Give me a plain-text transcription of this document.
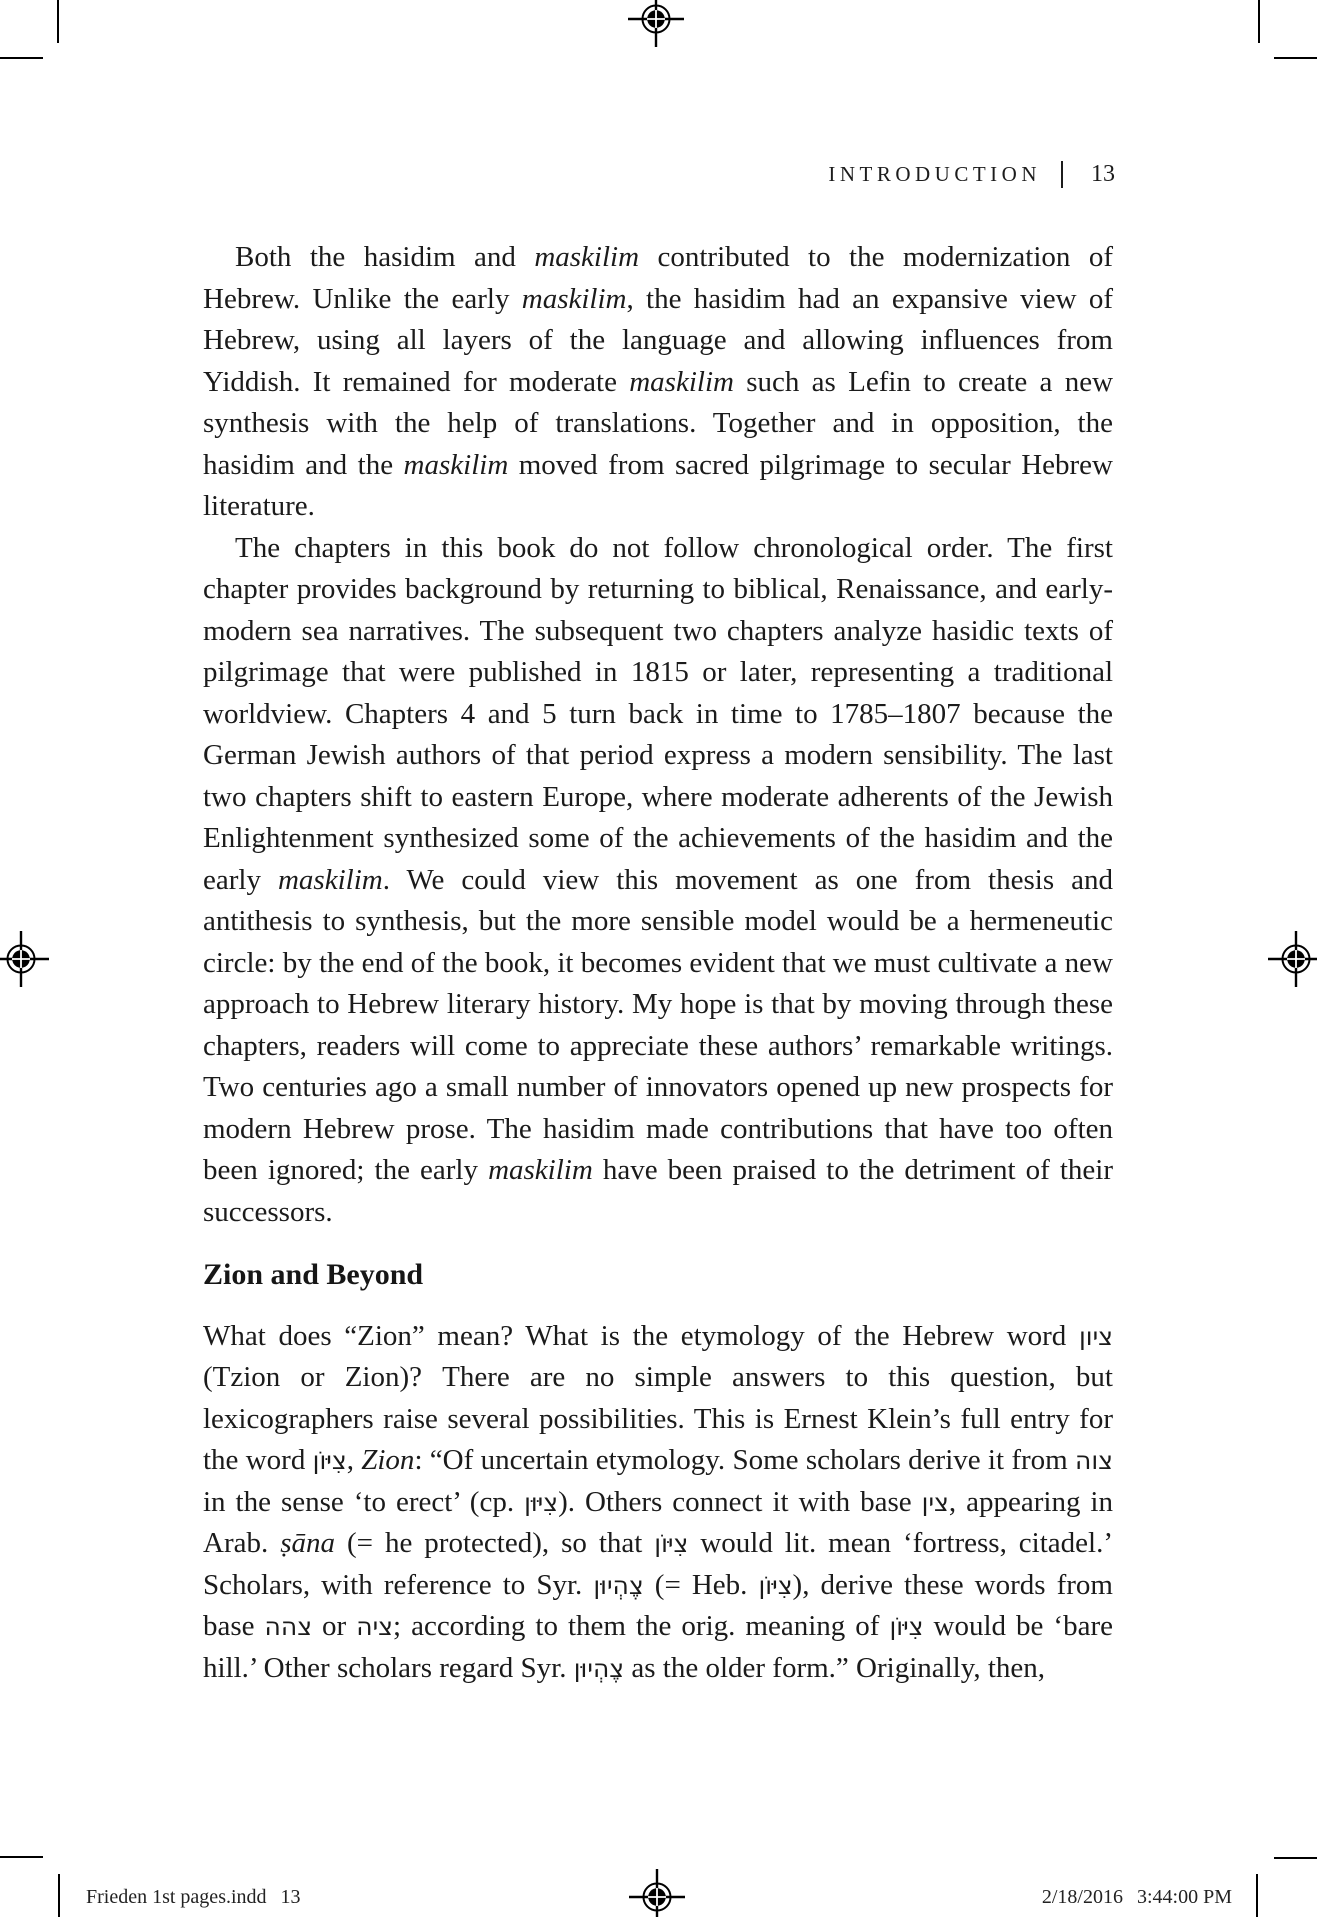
INTRODUCTION 13

Both the hasidim and maskilim contributed to the modernization of Hebrew. Unlike the early maskilim, the hasidim had an expansive view of Hebrew, using all layers of the language and allowing influences from Yiddish. It remained for moderate maskilim such as Lefin to create a new synthesis with the help of translations. Together and in opposition, the hasidim and the maskilim moved from sacred pilgrimage to secular Hebrew literature.

The chapters in this book do not follow chronological order. The first chapter provides background by returning to biblical, Renaissance, and early-modern sea narratives. The subsequent two chapters analyze hasidic texts of pilgrimage that were published in 1815 or later, representing a traditional worldview. Chapters 4 and 5 turn back in time to 1785–1807 because the German Jewish authors of that period express a modern sensibility. The last two chapters shift to eastern Europe, where moderate adherents of the Jewish Enlightenment synthesized some of the achievements of the hasidim and the early maskilim. We could view this movement as one from thesis and antithesis to synthesis, but the more sensible model would be a hermeneutic circle: by the end of the book, it becomes evident that we must cultivate a new approach to Hebrew literary history. My hope is that by moving through these chapters, readers will come to appreciate these authors’ remarkable writings. Two centuries ago a small number of innovators opened up new prospects for modern Hebrew prose. The hasidim made contributions that have too often been ignored; the early maskilim have been praised to the detriment of their successors.

Zion and Beyond

What does “Zion” mean? What is the etymology of the Hebrew word ציון (Tzion or Zion)? There are no simple answers to this question, but lexicographers raise several possibilities. This is Ernest Klein’s full entry for the word צִיּוֹן, Zion: “Of uncertain etymology. Some scholars derive it from צוה in the sense ‘to erect’ (cp. צִיּוּן). Others connect it with base צין, appearing in Arab. ṣāna (= he protected), so that צִיּוֹן would lit. mean ‘fortress, citadel.’ Scholars, with reference to Syr. צֶהְיוּן (= Heb. צִיּוֹן), derive these words from base צהה or ציה; according to them the orig. meaning of צִיּוֹן would be ‘bare hill.’ Other scholars regard Syr. צֶהְיוּן as the older form.” Originally, then,

Frieden 1st pages.indd 13	2/18/2016 3:44:00 PM
